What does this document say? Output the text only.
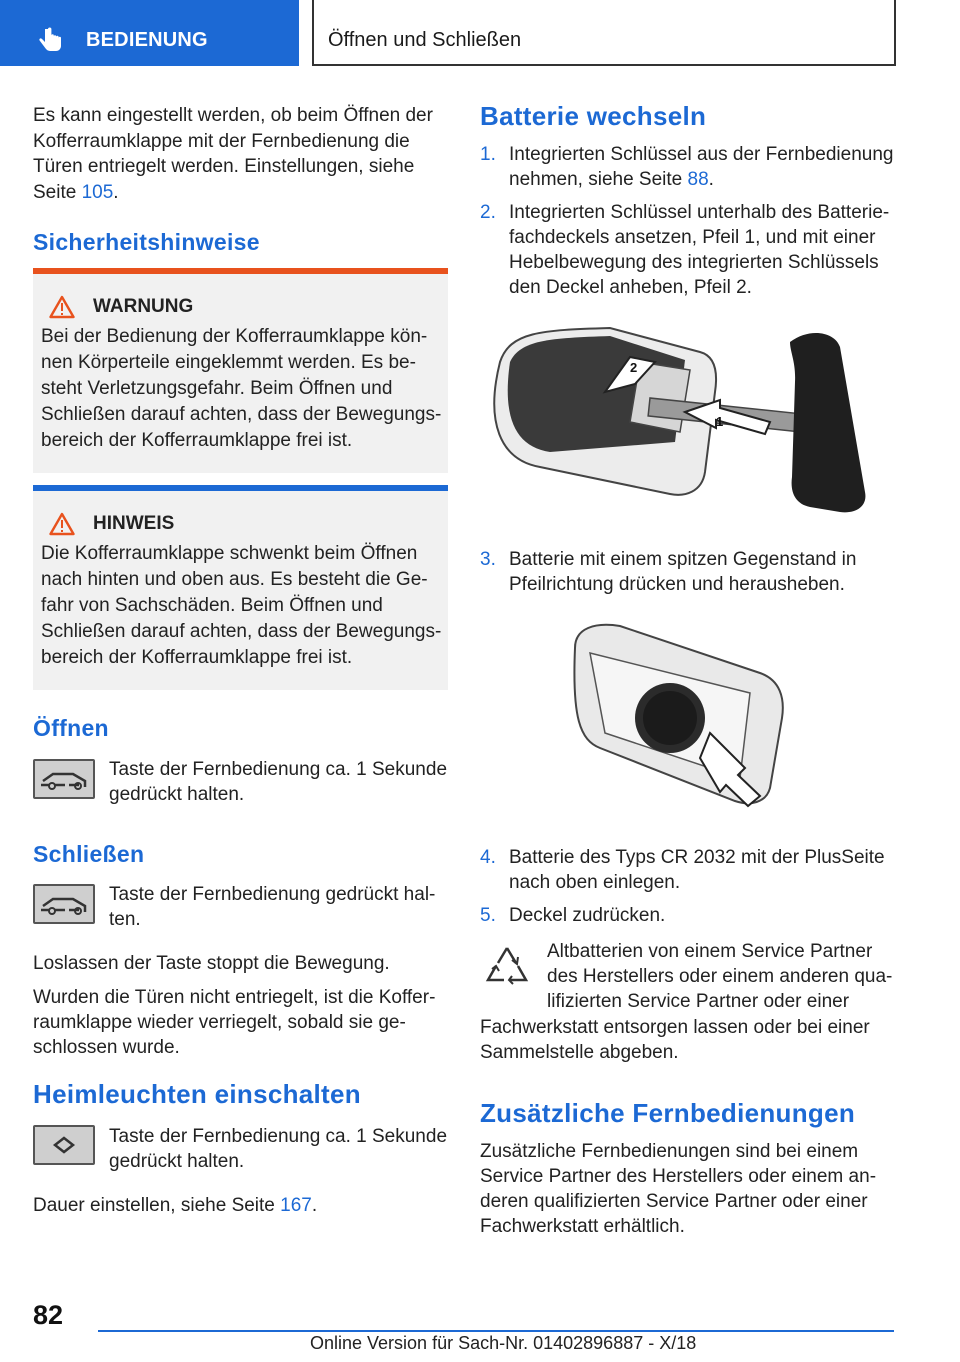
BEDIENUNG	Öffnen und Schließen

Es kann eingestellt werden, ob beim Öffnen der Kofferraumklappe mit der Fernbedienung die Türen entriegelt werden. Einstellungen, siehe Seite 105.

Sicherheitshinweise
WARNUNG
Bei der Bedienung der Kofferraumklappe können Körperteile eingeklemmt werden. Es besteht Verletzungsgefahr. Beim Öffnen und Schließen darauf achten, dass der Bewegungsbereich der Kofferraumklappe frei ist.
HINWEIS
Die Kofferraumklappe schwenkt beim Öffnen nach hinten und oben aus. Es besteht die Gefahr von Sachschäden. Beim Öffnen und Schließen darauf achten, dass der Bewegungsbereich der Kofferraumklappe frei ist.
Öffnen

Taste der Fernbedienung ca. 1 Sekunde gedrückt halten.

Schließen

Taste der Fernbedienung gedrückt halten.

Loslassen der Taste stoppt die Bewegung.

Wurden die Türen nicht entriegelt, ist die Kofferraumklappe wieder verriegelt, sobald sie geschlossen wurde.

Heimleuchten einschalten

Taste der Fernbedienung ca. 1 Sekunde gedrückt halten.

Dauer einstellen, siehe Seite 167.

Batterie wechseln
1. Integrierten Schlüssel aus der Fernbedienung nehmen, siehe Seite 88.
2. Integrierten Schlüssel unterhalb des Batteriefachdeckels ansetzen, Pfeil 1, und mit einer Hebelbewegung des integrierten Schlüssels den Deckel anheben, Pfeil 2.
1
2
3. Batterie mit einem spitzen Gegenstand in Pfeilrichtung drücken und herausheben.
4. Batterie des Typs CR 2032 mit der PlusSeite nach oben einlegen.
5. Deckel zudrücken.

Altbatterien von einem Service Partner des Herstellers oder einem anderen qualifizierten Service Partner oder einer

Fachwerkstatt entsorgen lassen oder bei einer Sammelstelle abgeben.

Zusätzliche Fernbedienungen

Zusätzliche Fernbedienungen sind bei einem Service Partner des Herstellers oder einem anderen qualifizierten Service Partner oder einer Fachwerkstatt erhältlich.

82
Online Version für Sach-Nr. 01402896887 - X/18
